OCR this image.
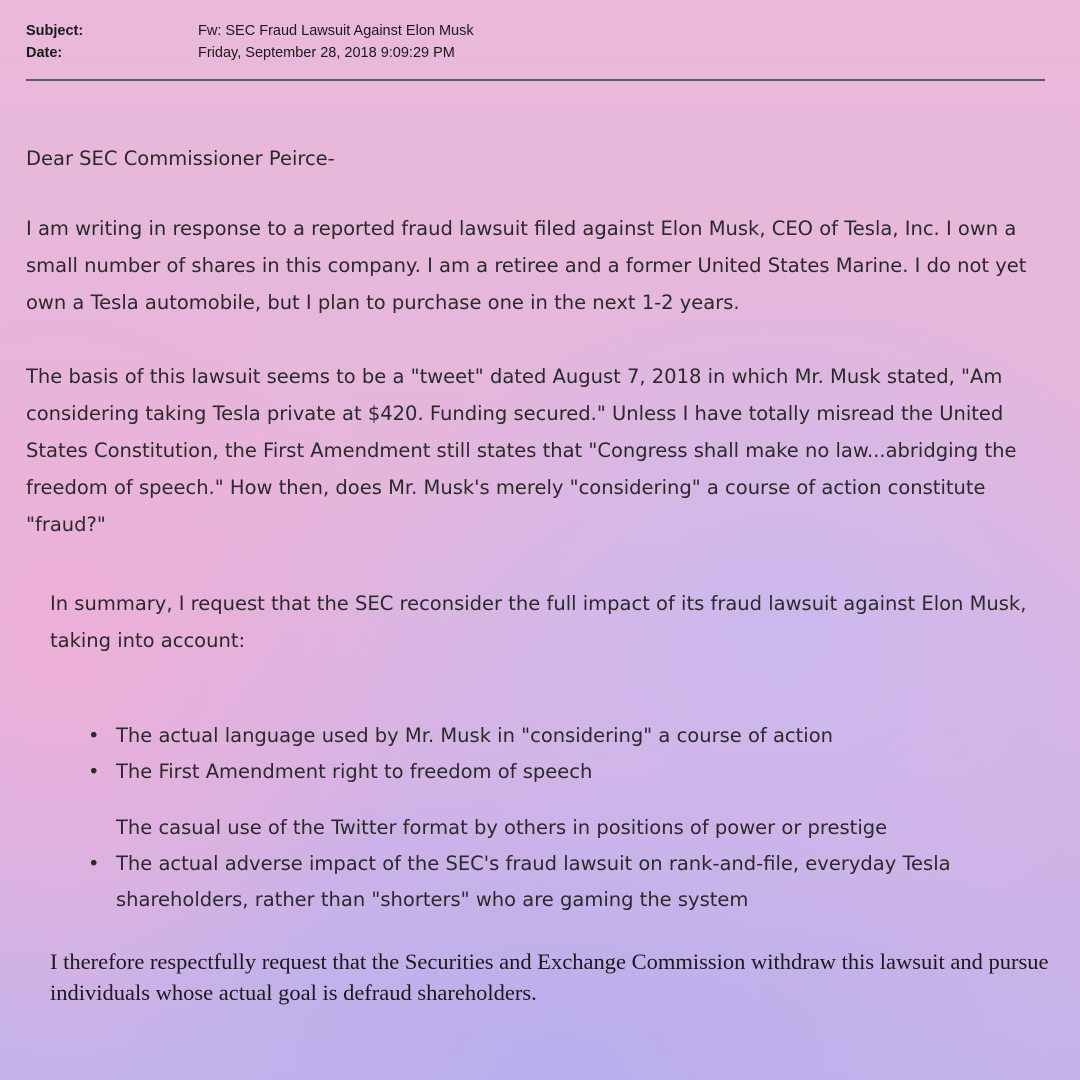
Subject:	Fw: SEC Fraud Lawsuit Against Elon Musk
Date:	Friday, September 28, 2018 9:09:29 PM

Dear SEC Commissioner Peirce-

I am writing in response to a reported fraud lawsuit filed against Elon Musk, CEO of Tesla, Inc. I own a small number of shares in this company. I am a retiree and a former United States Marine. I do not yet own a Tesla automobile, but I plan to purchase one in the next 1-2 years.

The basis of this lawsuit seems to be a "tweet" dated August 7, 2018 in which Mr. Musk stated, "Am considering taking Tesla private at $420. Funding secured." Unless I have totally misread the United States Constitution, the First Amendment still states that "Congress shall make no law...abridging the freedom of speech." How then, does Mr. Musk's merely "considering" a course of action constitute "fraud?"

In summary, I request that the SEC reconsider the full impact of its fraud lawsuit against Elon Musk, taking into account:

• The actual language used by Mr. Musk in "considering" a course of action
• The First Amendment right to freedom of speech
The casual use of the Twitter format by others in positions of power or prestige
• The actual adverse impact of the SEC's fraud lawsuit on rank-and-file, everyday Tesla shareholders, rather than "shorters" who are gaming the system

I therefore respectfully request that the Securities and Exchange Commission withdraw this lawsuit and pursue individuals whose actual goal is defraud shareholders.
